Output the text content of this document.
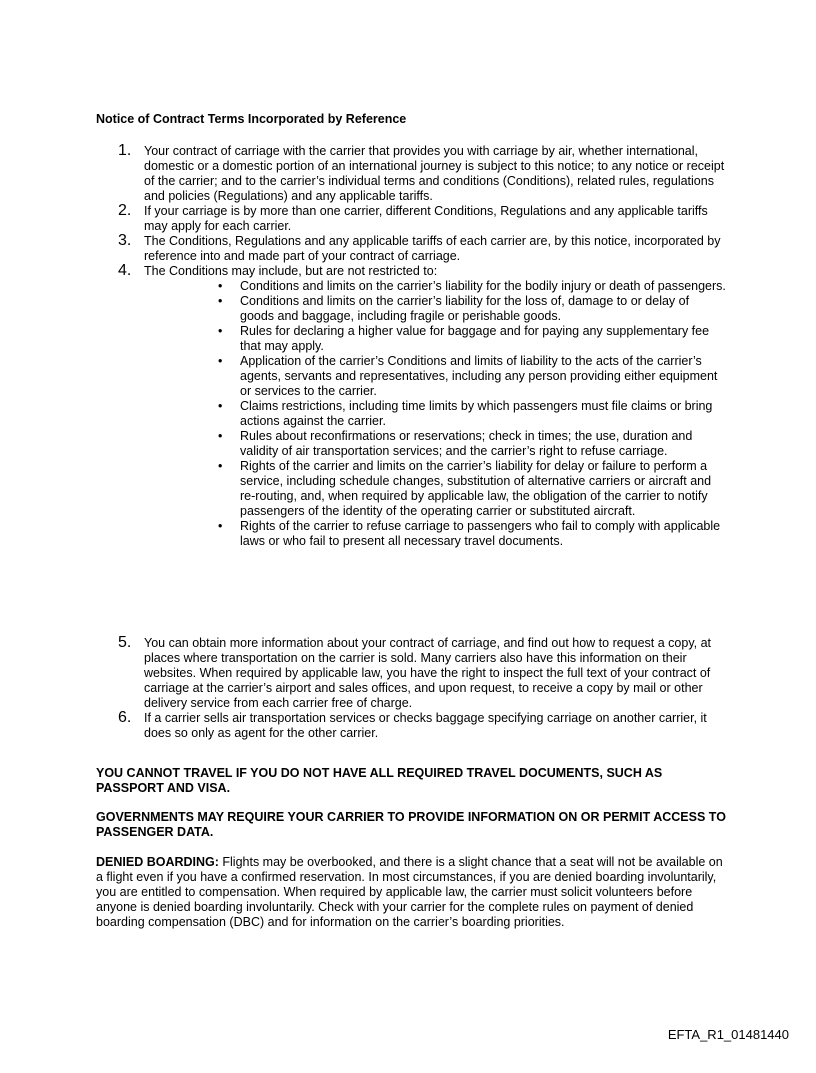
Notice of Contract Terms Incorporated by Reference
1. Your contract of carriage with the carrier that provides you with carriage by air, whether international, domestic or a domestic portion of an international journey is subject to this notice; to any notice or receipt of the carrier; and to the carrier’s individual terms and conditions (Conditions), related rules, regulations and policies (Regulations) and any applicable tariffs.
2. If your carriage is by more than one carrier, different Conditions, Regulations and any applicable tariffs may apply for each carrier.
3. The Conditions, Regulations and any applicable tariffs of each carrier are, by this notice, incorporated by reference into and made part of your contract of carriage.
4. The Conditions may include, but are not restricted to:
• Conditions and limits on the carrier’s liability for the bodily injury or death of passengers.
• Conditions and limits on the carrier’s liability for the loss of, damage to or delay of goods and baggage, including fragile or perishable goods.
• Rules for declaring a higher value for baggage and for paying any supplementary fee that may apply.
• Application of the carrier’s Conditions and limits of liability to the acts of the carrier’s agents, servants and representatives, including any person providing either equipment or services to the carrier.
• Claims restrictions, including time limits by which passengers must file claims or bring actions against the carrier.
• Rules about reconfirmations or reservations; check in times; the use, duration and validity of air transportation services; and the carrier’s right to refuse carriage.
• Rights of the carrier and limits on the carrier’s liability for delay or failure to perform a service, including schedule changes, substitution of alternative carriers or aircraft and re-routing, and, when required by applicable law, the obligation of the carrier to notify passengers of the identity of the operating carrier or substituted aircraft.
• Rights of the carrier to refuse carriage to passengers who fail to comply with applicable laws or who fail to present all necessary travel documents.
5. You can obtain more information about your contract of carriage, and find out how to request a copy, at places where transportation on the carrier is sold. Many carriers also have this information on their websites. When required by applicable law, you have the right to inspect the full text of your contract of carriage at the carrier’s airport and sales offices, and upon request, to receive a copy by mail or other delivery service from each carrier free of charge.
6. If a carrier sells air transportation services or checks baggage specifying carriage on another carrier, it does so only as agent for the other carrier.
YOU CANNOT TRAVEL IF YOU DO NOT HAVE ALL REQUIRED TRAVEL DOCUMENTS, SUCH AS PASSPORT AND VISA.
GOVERNMENTS MAY REQUIRE YOUR CARRIER TO PROVIDE INFORMATION ON OR PERMIT ACCESS TO PASSENGER DATA.
DENIED BOARDING: Flights may be overbooked, and there is a slight chance that a seat will not be available on a flight even if you have a confirmed reservation. In most circumstances, if you are denied boarding involuntarily, you are entitled to compensation. When required by applicable law, the carrier must solicit volunteers before anyone is denied boarding involuntarily. Check with your carrier for the complete rules on payment of denied boarding compensation (DBC) and for information on the carrier’s boarding priorities.
EFTA_R1_01481440
